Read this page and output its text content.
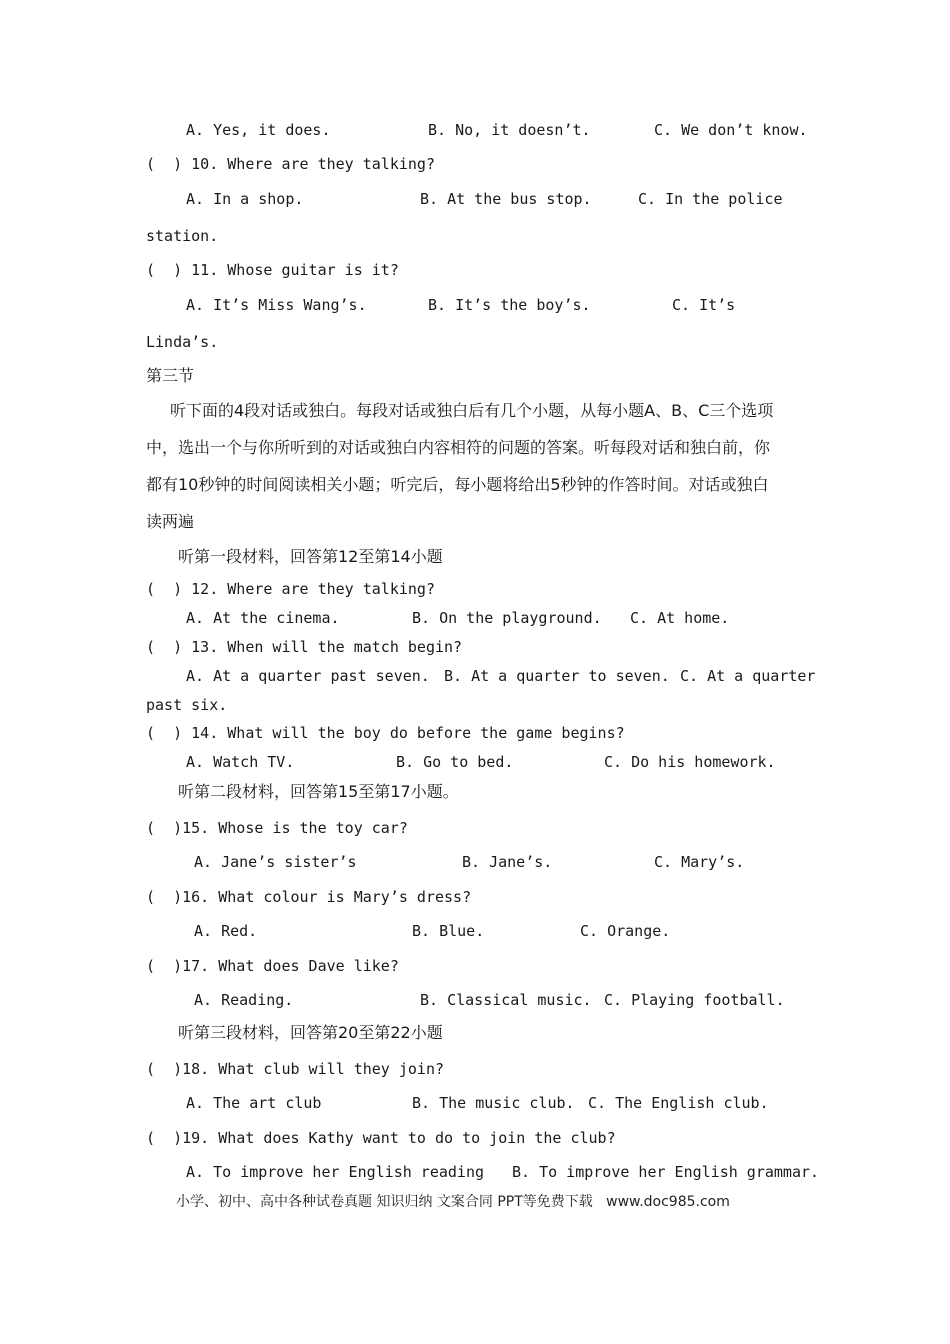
A. Yes, it does.	B. No, it doesn’t.	C. We don’t know.
(  ) 10. Where are they talking?
A. In a shop.	B. At the bus stop.	C. In the police
station.
(  ) 11. Whose guitar is it?
A. It’s Miss Wang’s.	B. It’s the boy’s.	C. It’s
Linda’s.
第三节
听下面的4段对话或独白。每段对话或独白后有几个小题，从每小题A、B、C三个选项
中，选出一个与你所听到的对话或独白内容相符的问题的答案。听每段对话和独白前，你
都有10秒钟的时间阅读相关小题；听完后，每小题将给出5秒钟的作答时间。对话或独白
读两遍
听第一段材料，回答第12至第14小题
(  ) 12. Where are they talking?
A. At the cinema.	B. On the playground. C. At home.
(  ) 13. When will the match begin?
A. At a quarter past seven. B. At a quarter to seven. C. At a quarter
past six.
(  ) 14. What will the boy do before the game begins?
A. Watch TV.	B. Go to bed.	C. Do his homework.
听第二段材料，回答第15至第17小题。
(  )15. Whose is the toy car?
A. Jane’s sister’s	B. Jane’s.	C. Mary’s.
(  )16. What colour is Mary’s dress?
A. Red.	B. Blue.	C. Orange.
(  )17. What does Dave like?
A. Reading.	B. Classical music. C. Playing football.
听第三段材料，回答第20至第22小题
(  )18. What club will they join?
A. The art club	B. The music club. C. The English club.
(  )19. What does Kathy want to do to join the club?
A. To improve her English reading B. To improve her English grammar.
小学、初中、高中各种试卷真题 知识归纳 文案合同 PPT等免费下载   www.doc985.com
